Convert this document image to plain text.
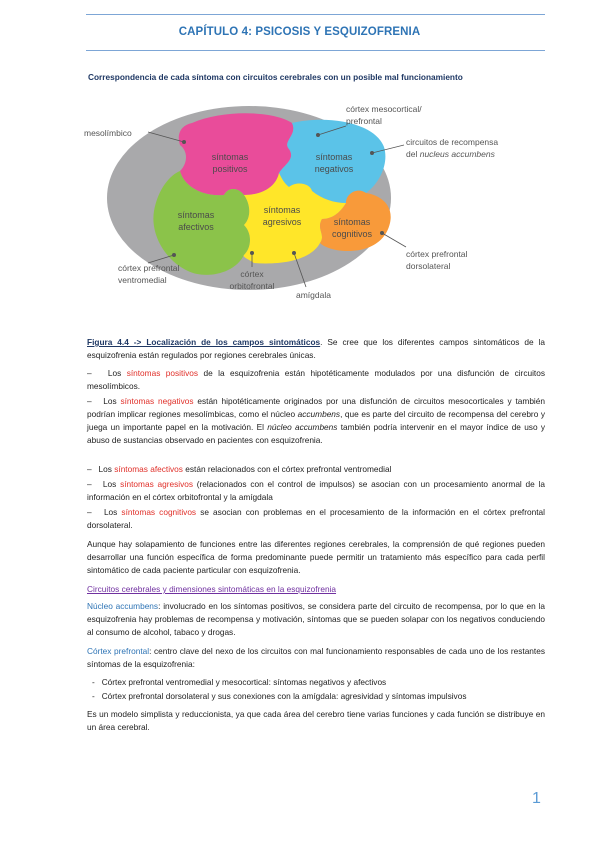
CAPÍTULO 4: PSICOSIS Y ESQUIZOFRENIA
Correspondencia de cada síntoma con circuitos cerebrales con un posible mal funcionamiento
síntomas
positivos
síntomas
negativos
síntomas
afectivos
síntomas
agresivos	síntomas
cognitivos
mesolímbico
córtex mesocortical/
prefrontal
circuitos de recompensa
del nucleus accumbens
córtex prefrontal
ventromedial
córtex
orbitofrontal
amígdala
córtex prefrontal
dorsolateral

Figura 4.4 -> Localización de los campos sintomáticos. Se cree que los diferentes campos sintomáticos de la esquizofrenia están regulados por regiones cerebrales únicas.

– Los síntomas positivos de la esquizofrenia están hipotéticamente modulados por una disfunción de circuitos mesolímbicos.

– Los síntomas negativos están hipotéticamente originados por una disfunción de circuitos mesocorticales y también podrían implicar regiones mesolímbicas, como el núcleo accumbens, que es parte del circuito de recompensa del cerebro y juega un importante papel en la motivación. El núcleo accumbens también podría intervenir en el mayor índice de uso y abuso de sustancias observado en pacientes con esquizofrenia.

– Los síntomas afectivos están relacionados con el córtex prefrontal ventromedial

– Los síntomas agresivos (relacionados con el control de impulsos) se asocian con un procesamiento anormal de la información en el córtex orbitofrontal y la amígdala

– Los síntomas cognitivos se asocian con problemas en el procesamiento de la información en el córtex prefrontal dorsolateral.

Aunque hay solapamiento de funciones entre las diferentes regiones cerebrales, la comprensión de qué regiones pueden desarrollar una función específica de forma predominante puede permitir un tratamiento más específico para cada perfil sintomático de cada paciente particular con esquizofrenia.

Circuitos cerebrales y dimensiones sintomáticas en la esquizofrenia

Núcleo accumbens: involucrado en los síntomas positivos, se considera parte del circuito de recompensa, por lo que en la esquizofrenia hay problemas de recompensa y motivación, síntomas que se pueden solapar con los negativos conduciendo al consumo de alcohol, tabaco y drogas.

Córtex prefrontal: centro clave del nexo de los circuitos con mal funcionamiento responsables de cada uno de los restantes síntomas de la esquizofrenia:

- Córtex prefrontal ventromedial y mesocortical: síntomas negativos y afectivos

- Córtex prefrontal dorsolateral y sus conexiones con la amígdala: agresividad y síntomas impulsivos

Es un modelo simplista y reduccionista, ya que cada área del cerebro tiene varias funciones y cada función se distribuye en un área cerebral.

1
